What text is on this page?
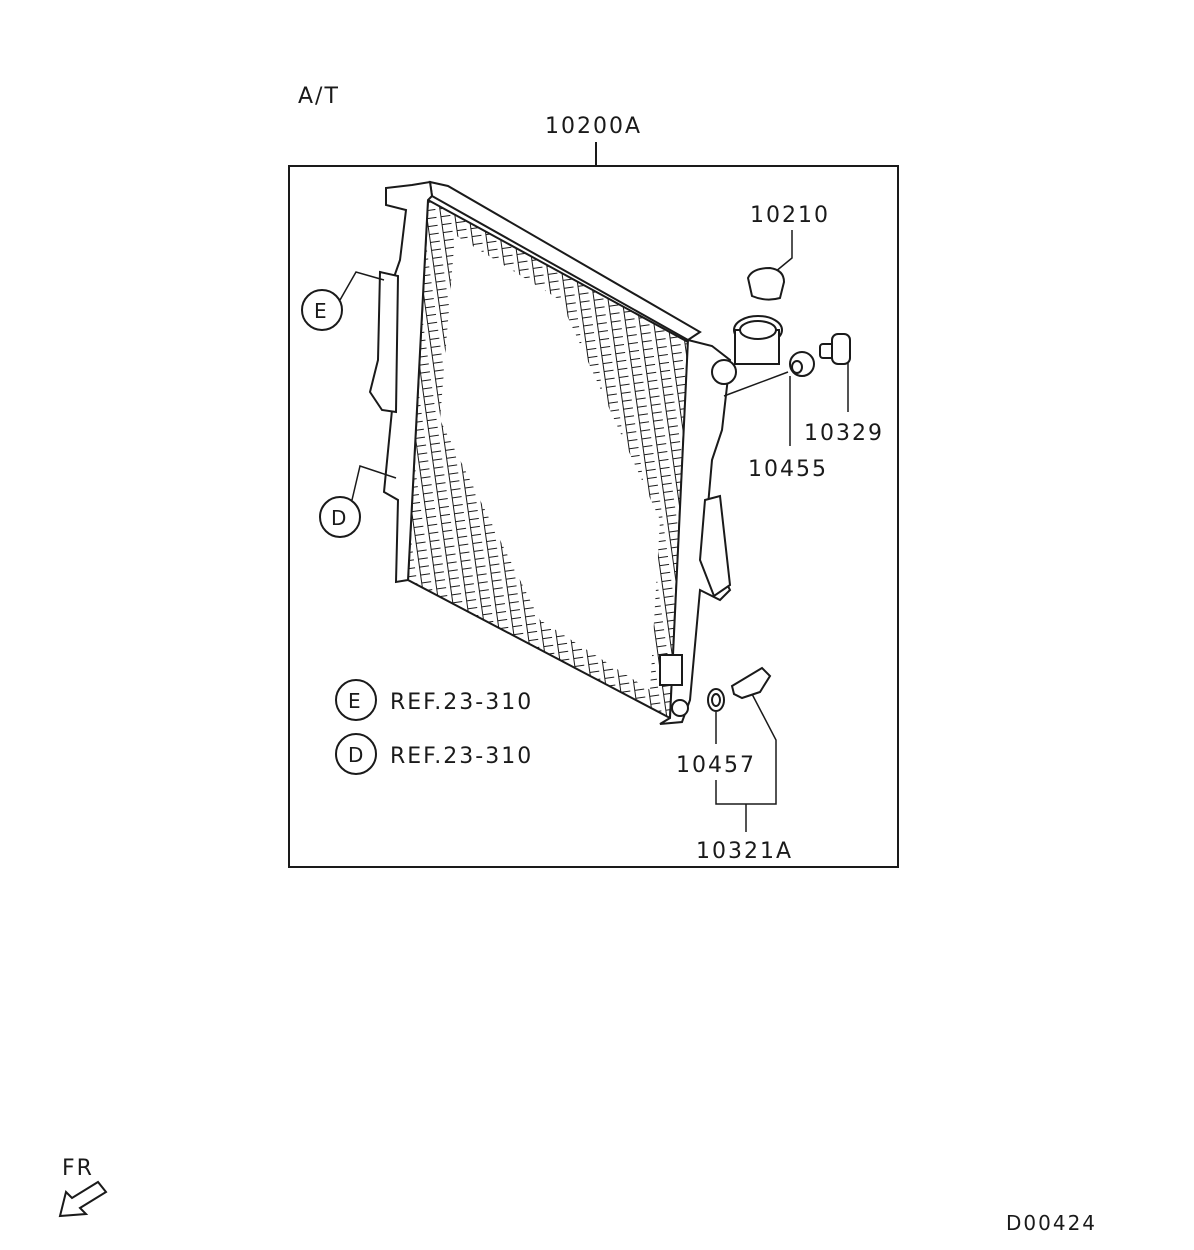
A/T
10200A
E
D
10210
10329
10455
10457
10321A
E REF.23-310
D REF.23-310
FR
D00424
